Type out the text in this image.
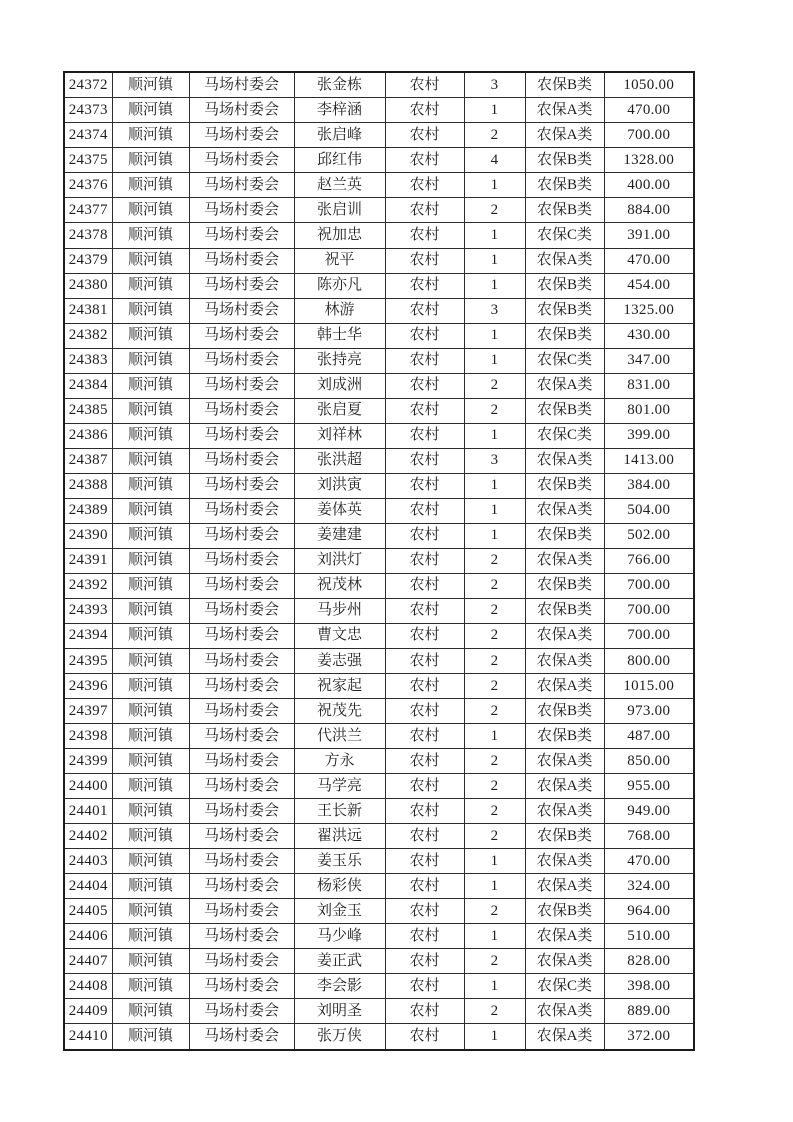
24372	顺河镇	马场村委会	张金栋	农村	3	农保B类	1050.00
24373	顺河镇	马场村委会	李梓涵	农村	1	农保A类	470.00
24374	顺河镇	马场村委会	张启峰	农村	2	农保A类	700.00
24375	顺河镇	马场村委会	邱红伟	农村	4	农保B类	1328.00
24376	顺河镇	马场村委会	赵兰英	农村	1	农保B类	400.00
24377	顺河镇	马场村委会	张启训	农村	2	农保B类	884.00
24378	顺河镇	马场村委会	祝加忠	农村	1	农保C类	391.00
24379	顺河镇	马场村委会	祝平	农村	1	农保A类	470.00
24380	顺河镇	马场村委会	陈亦凡	农村	1	农保B类	454.00
24381	顺河镇	马场村委会	林游	农村	3	农保B类	1325.00
24382	顺河镇	马场村委会	韩士华	农村	1	农保B类	430.00
24383	顺河镇	马场村委会	张持亮	农村	1	农保C类	347.00
24384	顺河镇	马场村委会	刘成洲	农村	2	农保A类	831.00
24385	顺河镇	马场村委会	张启夏	农村	2	农保B类	801.00
24386	顺河镇	马场村委会	刘祥林	农村	1	农保C类	399.00
24387	顺河镇	马场村委会	张洪超	农村	3	农保A类	1413.00
24388	顺河镇	马场村委会	刘洪寅	农村	1	农保B类	384.00
24389	顺河镇	马场村委会	姜体英	农村	1	农保A类	504.00
24390	顺河镇	马场村委会	姜建建	农村	1	农保B类	502.00
24391	顺河镇	马场村委会	刘洪灯	农村	2	农保A类	766.00
24392	顺河镇	马场村委会	祝茂林	农村	2	农保B类	700.00
24393	顺河镇	马场村委会	马步州	农村	2	农保B类	700.00
24394	顺河镇	马场村委会	曹文忠	农村	2	农保A类	700.00
24395	顺河镇	马场村委会	姜志强	农村	2	农保A类	800.00
24396	顺河镇	马场村委会	祝家起	农村	2	农保A类	1015.00
24397	顺河镇	马场村委会	祝茂先	农村	2	农保B类	973.00
24398	顺河镇	马场村委会	代洪兰	农村	1	农保B类	487.00
24399	顺河镇	马场村委会	方永	农村	2	农保A类	850.00
24400	顺河镇	马场村委会	马学亮	农村	2	农保A类	955.00
24401	顺河镇	马场村委会	王长新	农村	2	农保A类	949.00
24402	顺河镇	马场村委会	翟洪远	农村	2	农保B类	768.00
24403	顺河镇	马场村委会	姜玉乐	农村	1	农保A类	470.00
24404	顺河镇	马场村委会	杨彩侠	农村	1	农保A类	324.00
24405	顺河镇	马场村委会	刘金玉	农村	2	农保B类	964.00
24406	顺河镇	马场村委会	马少峰	农村	1	农保A类	510.00
24407	顺河镇	马场村委会	姜正武	农村	2	农保A类	828.00
24408	顺河镇	马场村委会	李会影	农村	1	农保C类	398.00
24409	顺河镇	马场村委会	刘明圣	农村	2	农保A类	889.00
24410	顺河镇	马场村委会	张万侠	农村	1	农保A类	372.00
